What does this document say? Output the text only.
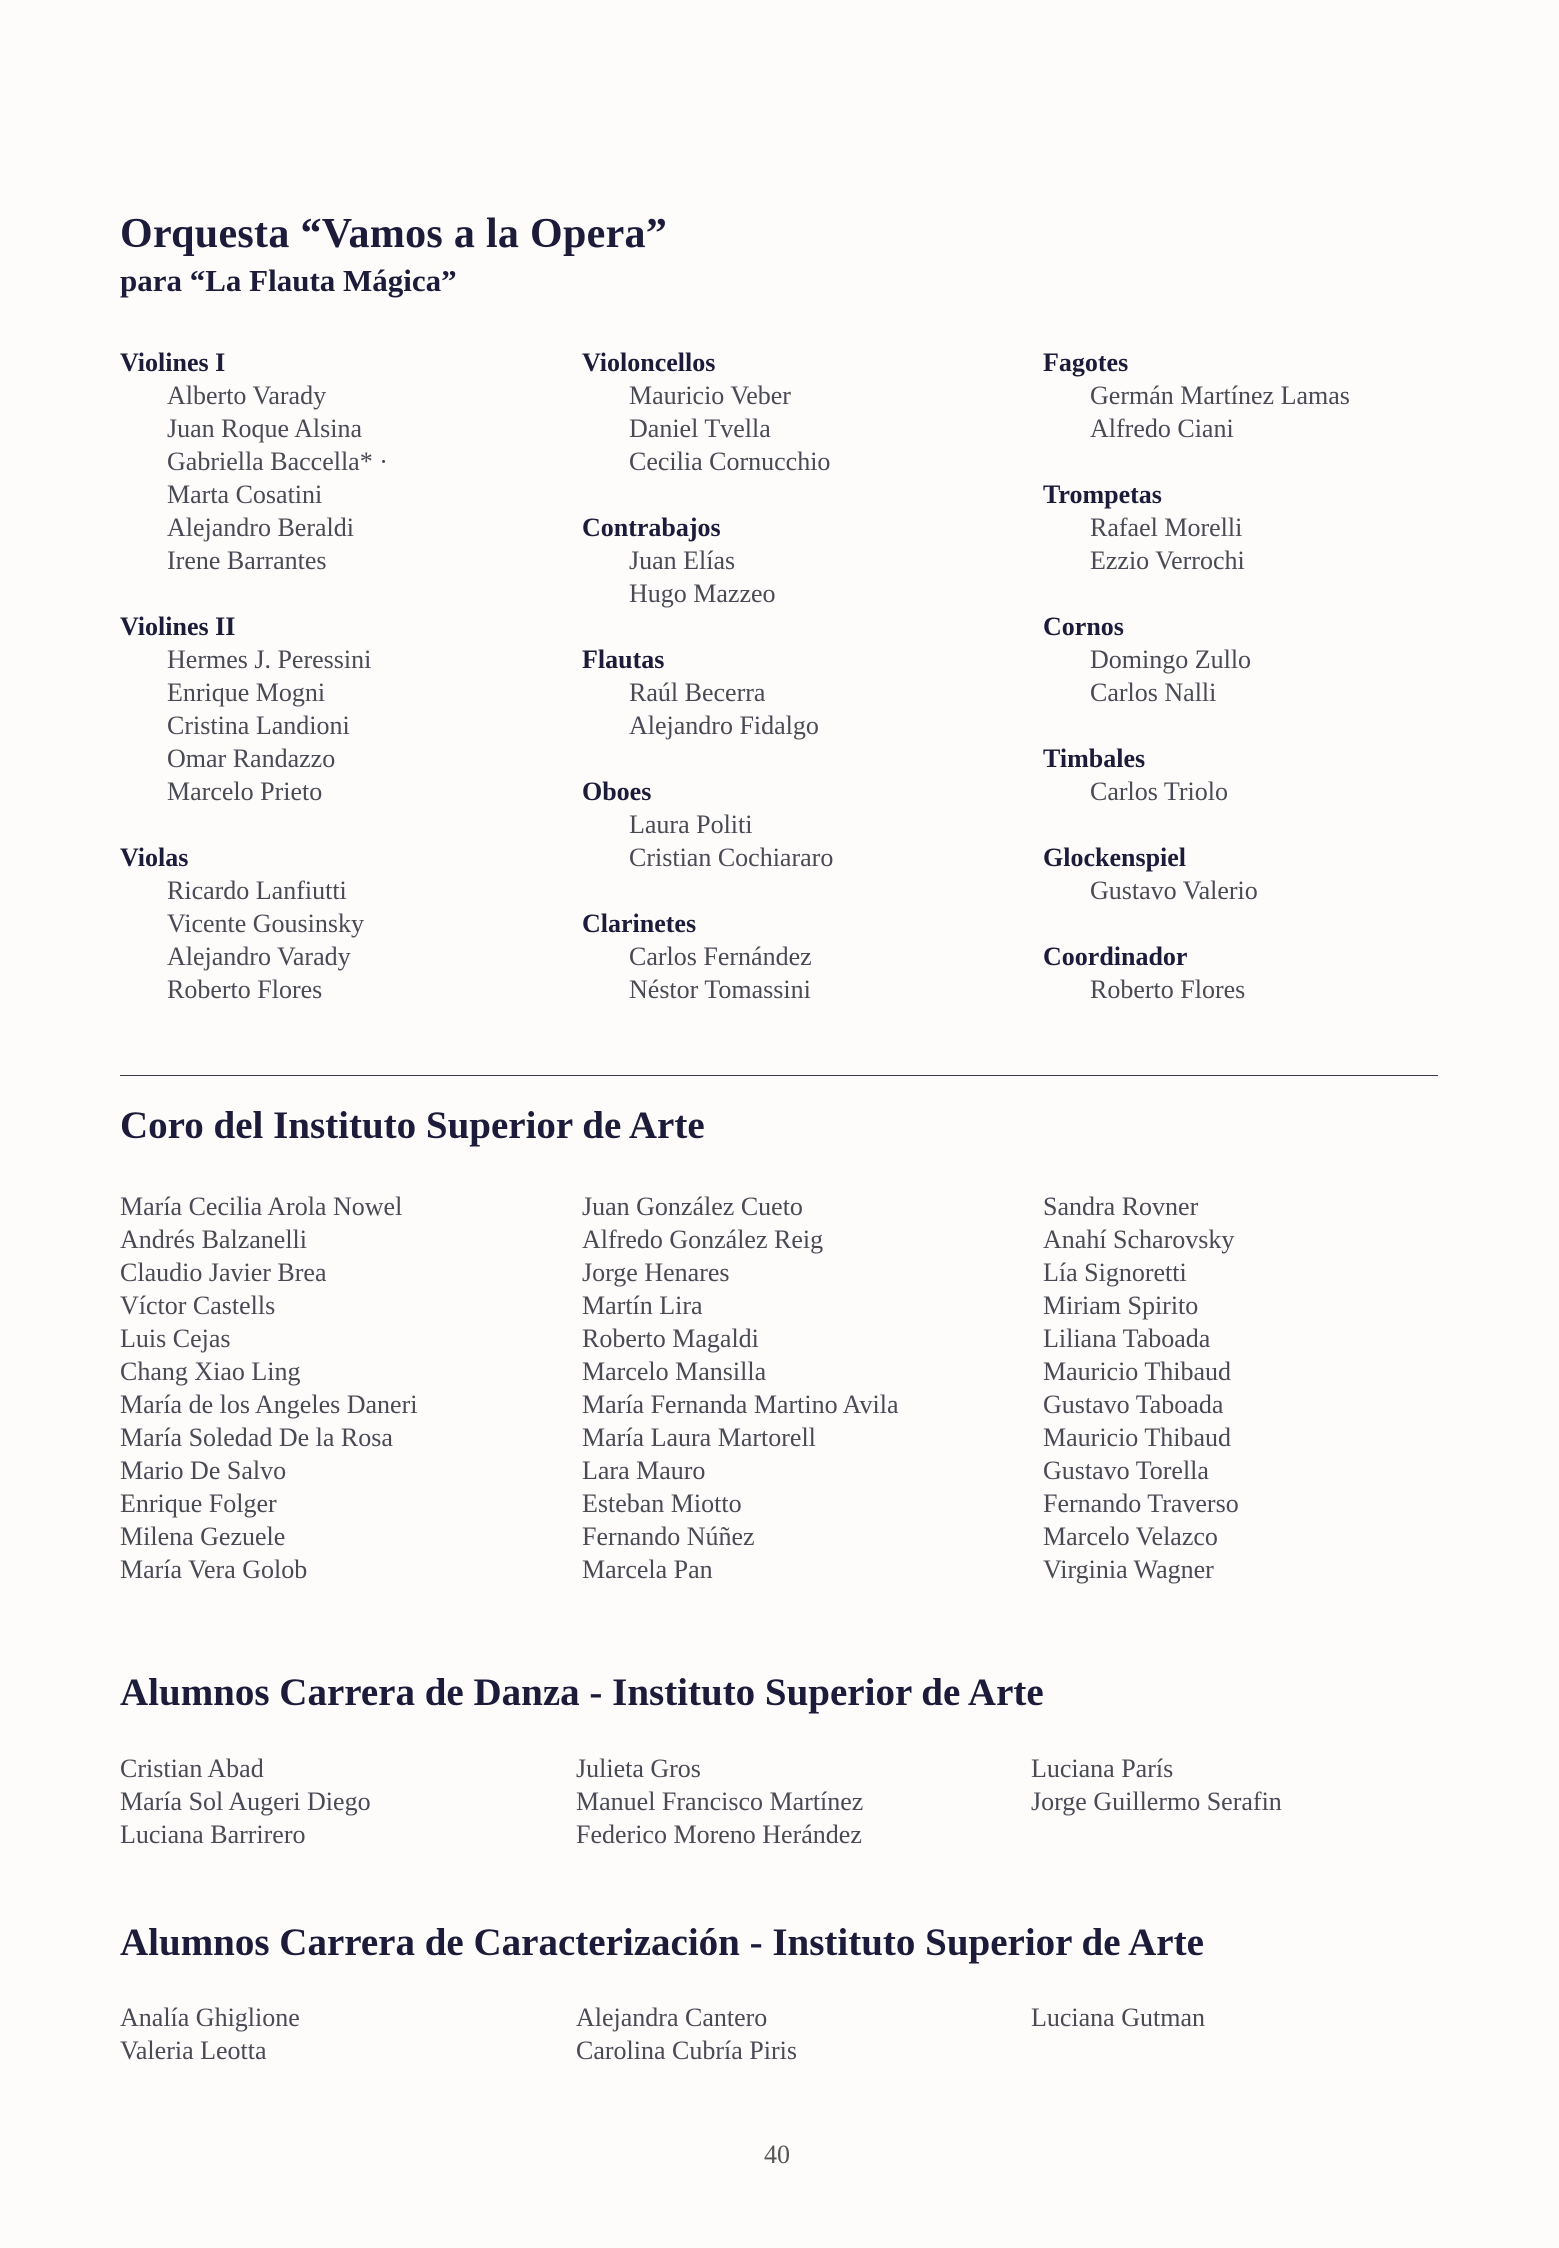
Orquesta “Vamos a la Opera”
para “La Flauta Mágica”
Violines I
Alberto Varady
Juan Roque Alsina
Gabriella Baccella* ·
Marta Cosatini
Alejandro Beraldi
Irene Barrantes
Violines II
Hermes J. Peressini
Enrique Mogni
Cristina Landioni
Omar Randazzo
Marcelo Prieto
Violas
Ricardo Lanfiutti
Vicente Gousinsky
Alejandro Varady
Roberto Flores
Violoncellos
Mauricio Veber
Daniel Tvella
Cecilia Cornucchio
Contrabajos
Juan Elías
Hugo Mazzeo
Flautas
Raúl Becerra
Alejandro Fidalgo
Oboes
Laura Politi
Cristian Cochiararo
Clarinetes
Carlos Fernández
Néstor Tomassini
Fagotes
Germán Martínez Lamas
Alfredo Ciani
Trompetas
Rafael Morelli
Ezzio Verrochi
Cornos
Domingo Zullo
Carlos Nalli
Timbales
Carlos Triolo
Glockenspiel
Gustavo Valerio
Coordinador
Roberto Flores
Coro del Instituto Superior de Arte
María Cecilia Arola Nowel
Andrés Balzanelli
Claudio Javier Brea
Víctor Castells
Luis Cejas
Chang Xiao Ling
María de los Angeles Daneri
María Soledad De la Rosa
Mario De Salvo
Enrique Folger
Milena Gezuele
María Vera Golob
Juan González Cueto
Alfredo González Reig
Jorge Henares
Martín Lira
Roberto Magaldi
Marcelo Mansilla
María Fernanda Martino Avila
María Laura Martorell
Lara Mauro
Esteban Miotto
Fernando Núñez
Marcela Pan
Sandra Rovner
Anahí Scharovsky
Lía Signoretti
Miriam Spirito
Liliana Taboada
Mauricio Thibaud
Gustavo Taboada
Mauricio Thibaud
Gustavo Torella
Fernando Traverso
Marcelo Velazco
Virginia Wagner
Alumnos Carrera de Danza - Instituto Superior de Arte
Cristian Abad
María Sol Augeri Diego
Luciana Barrirero
Julieta Gros
Manuel Francisco Martínez
Federico Moreno Herández
Luciana París
Jorge Guillermo Serafin
Alumnos Carrera de Caracterización - Instituto Superior de Arte
Analía Ghiglione
Valeria Leotta
Alejandra Cantero
Carolina Cubría Piris
Luciana Gutman
40
